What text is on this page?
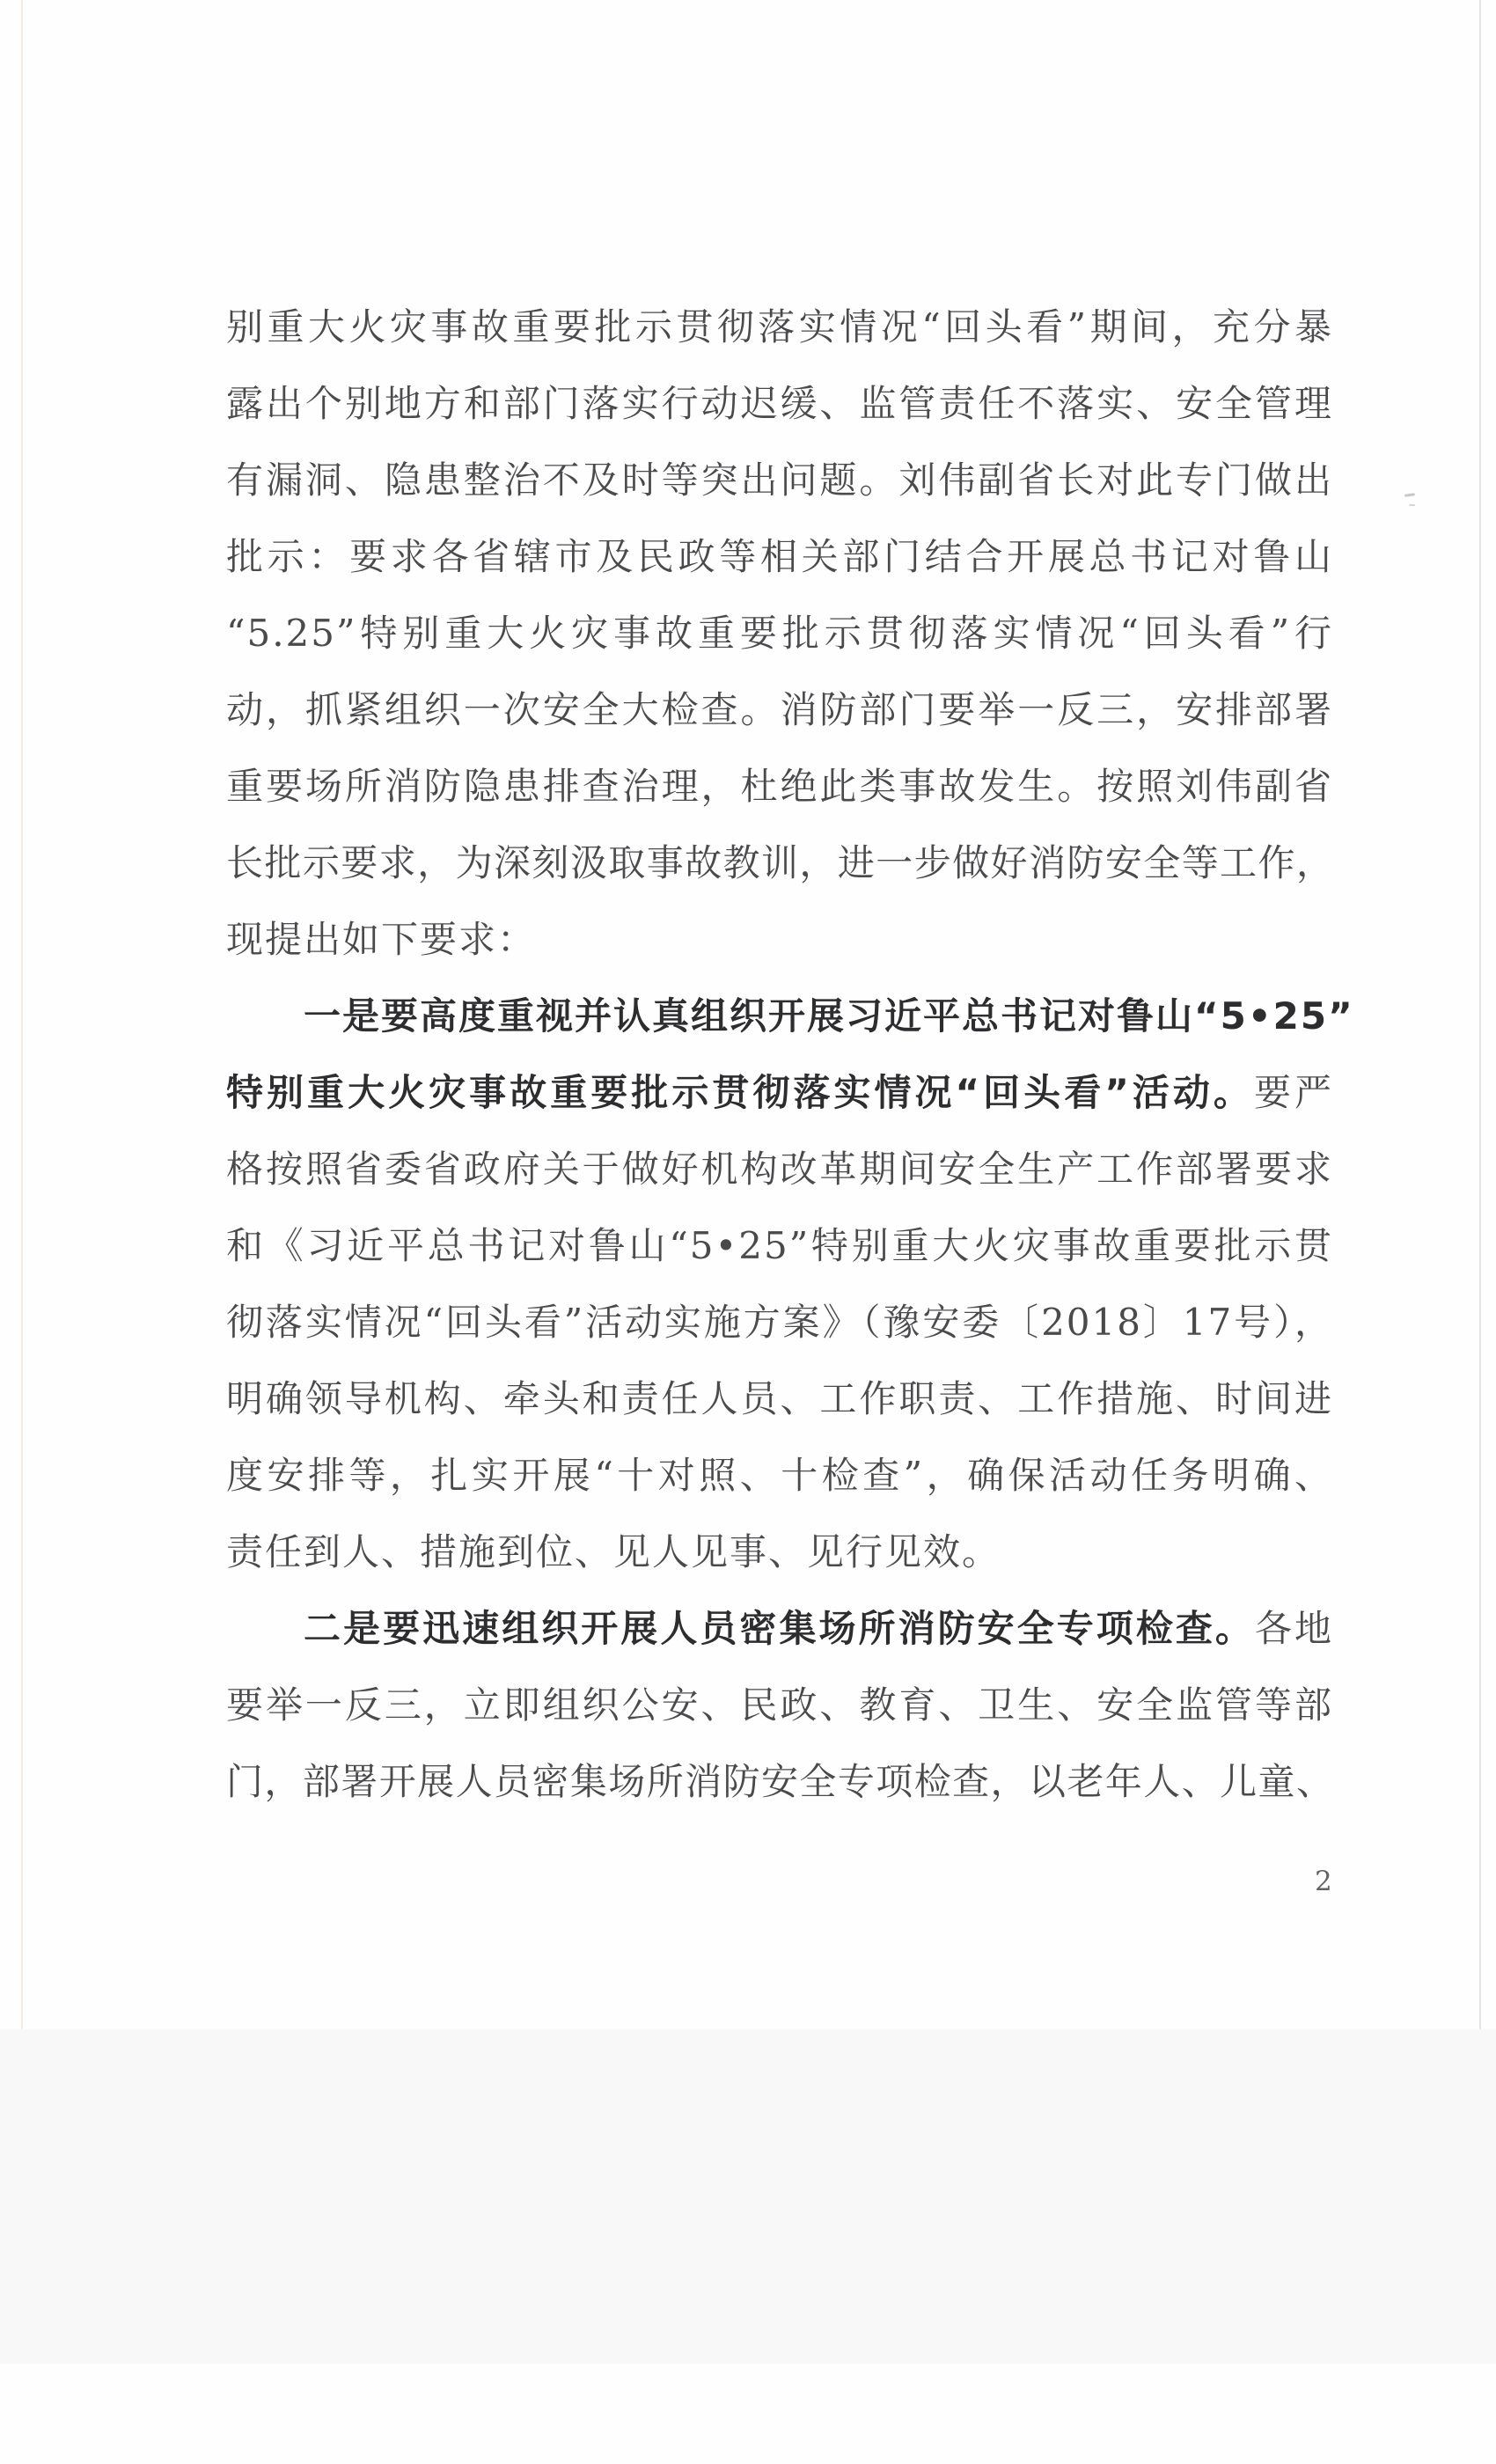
别重大火灾事故重要批示贯彻落实情况“回头看”期间，充分暴
露出个别地方和部门落实行动迟缓、监管责任不落实、安全管理
有漏洞、隐患整治不及时等突出问题。刘伟副省长对此专门做出
批示：要求各省辖市及民政等相关部门结合开展总书记对鲁山
“5.25”特别重大火灾事故重要批示贯彻落实情况“回头看”行
动，抓紧组织一次安全大检查。消防部门要举一反三，安排部署
重要场所消防隐患排查治理，杜绝此类事故发生。按照刘伟副省
长批示要求，为深刻汲取事故教训，进一步做好消防安全等工作，
现提出如下要求：
一是要高度重视并认真组织开展习近平总书记对鲁山“5•25”
特别重大火灾事故重要批示贯彻落实情况“回头看”活动。要严
格按照省委省政府关于做好机构改革期间安全生产工作部署要求
和《习近平总书记对鲁山“5•25”特别重大火灾事故重要批示贯
彻落实情况“回头看”活动实施方案》（豫安委〔2018〕17号），
明确领导机构、牵头和责任人员、工作职责、工作措施、时间进
度安排等，扎实开展“十对照、十检查”，确保活动任务明确、
责任到人、措施到位、见人见事、见行见效。
二是要迅速组织开展人员密集场所消防安全专项检查。各地
要举一反三，立即组织公安、民政、教育、卫生、安全监管等部
门，部署开展人员密集场所消防安全专项检查，以老年人、儿童、
2
